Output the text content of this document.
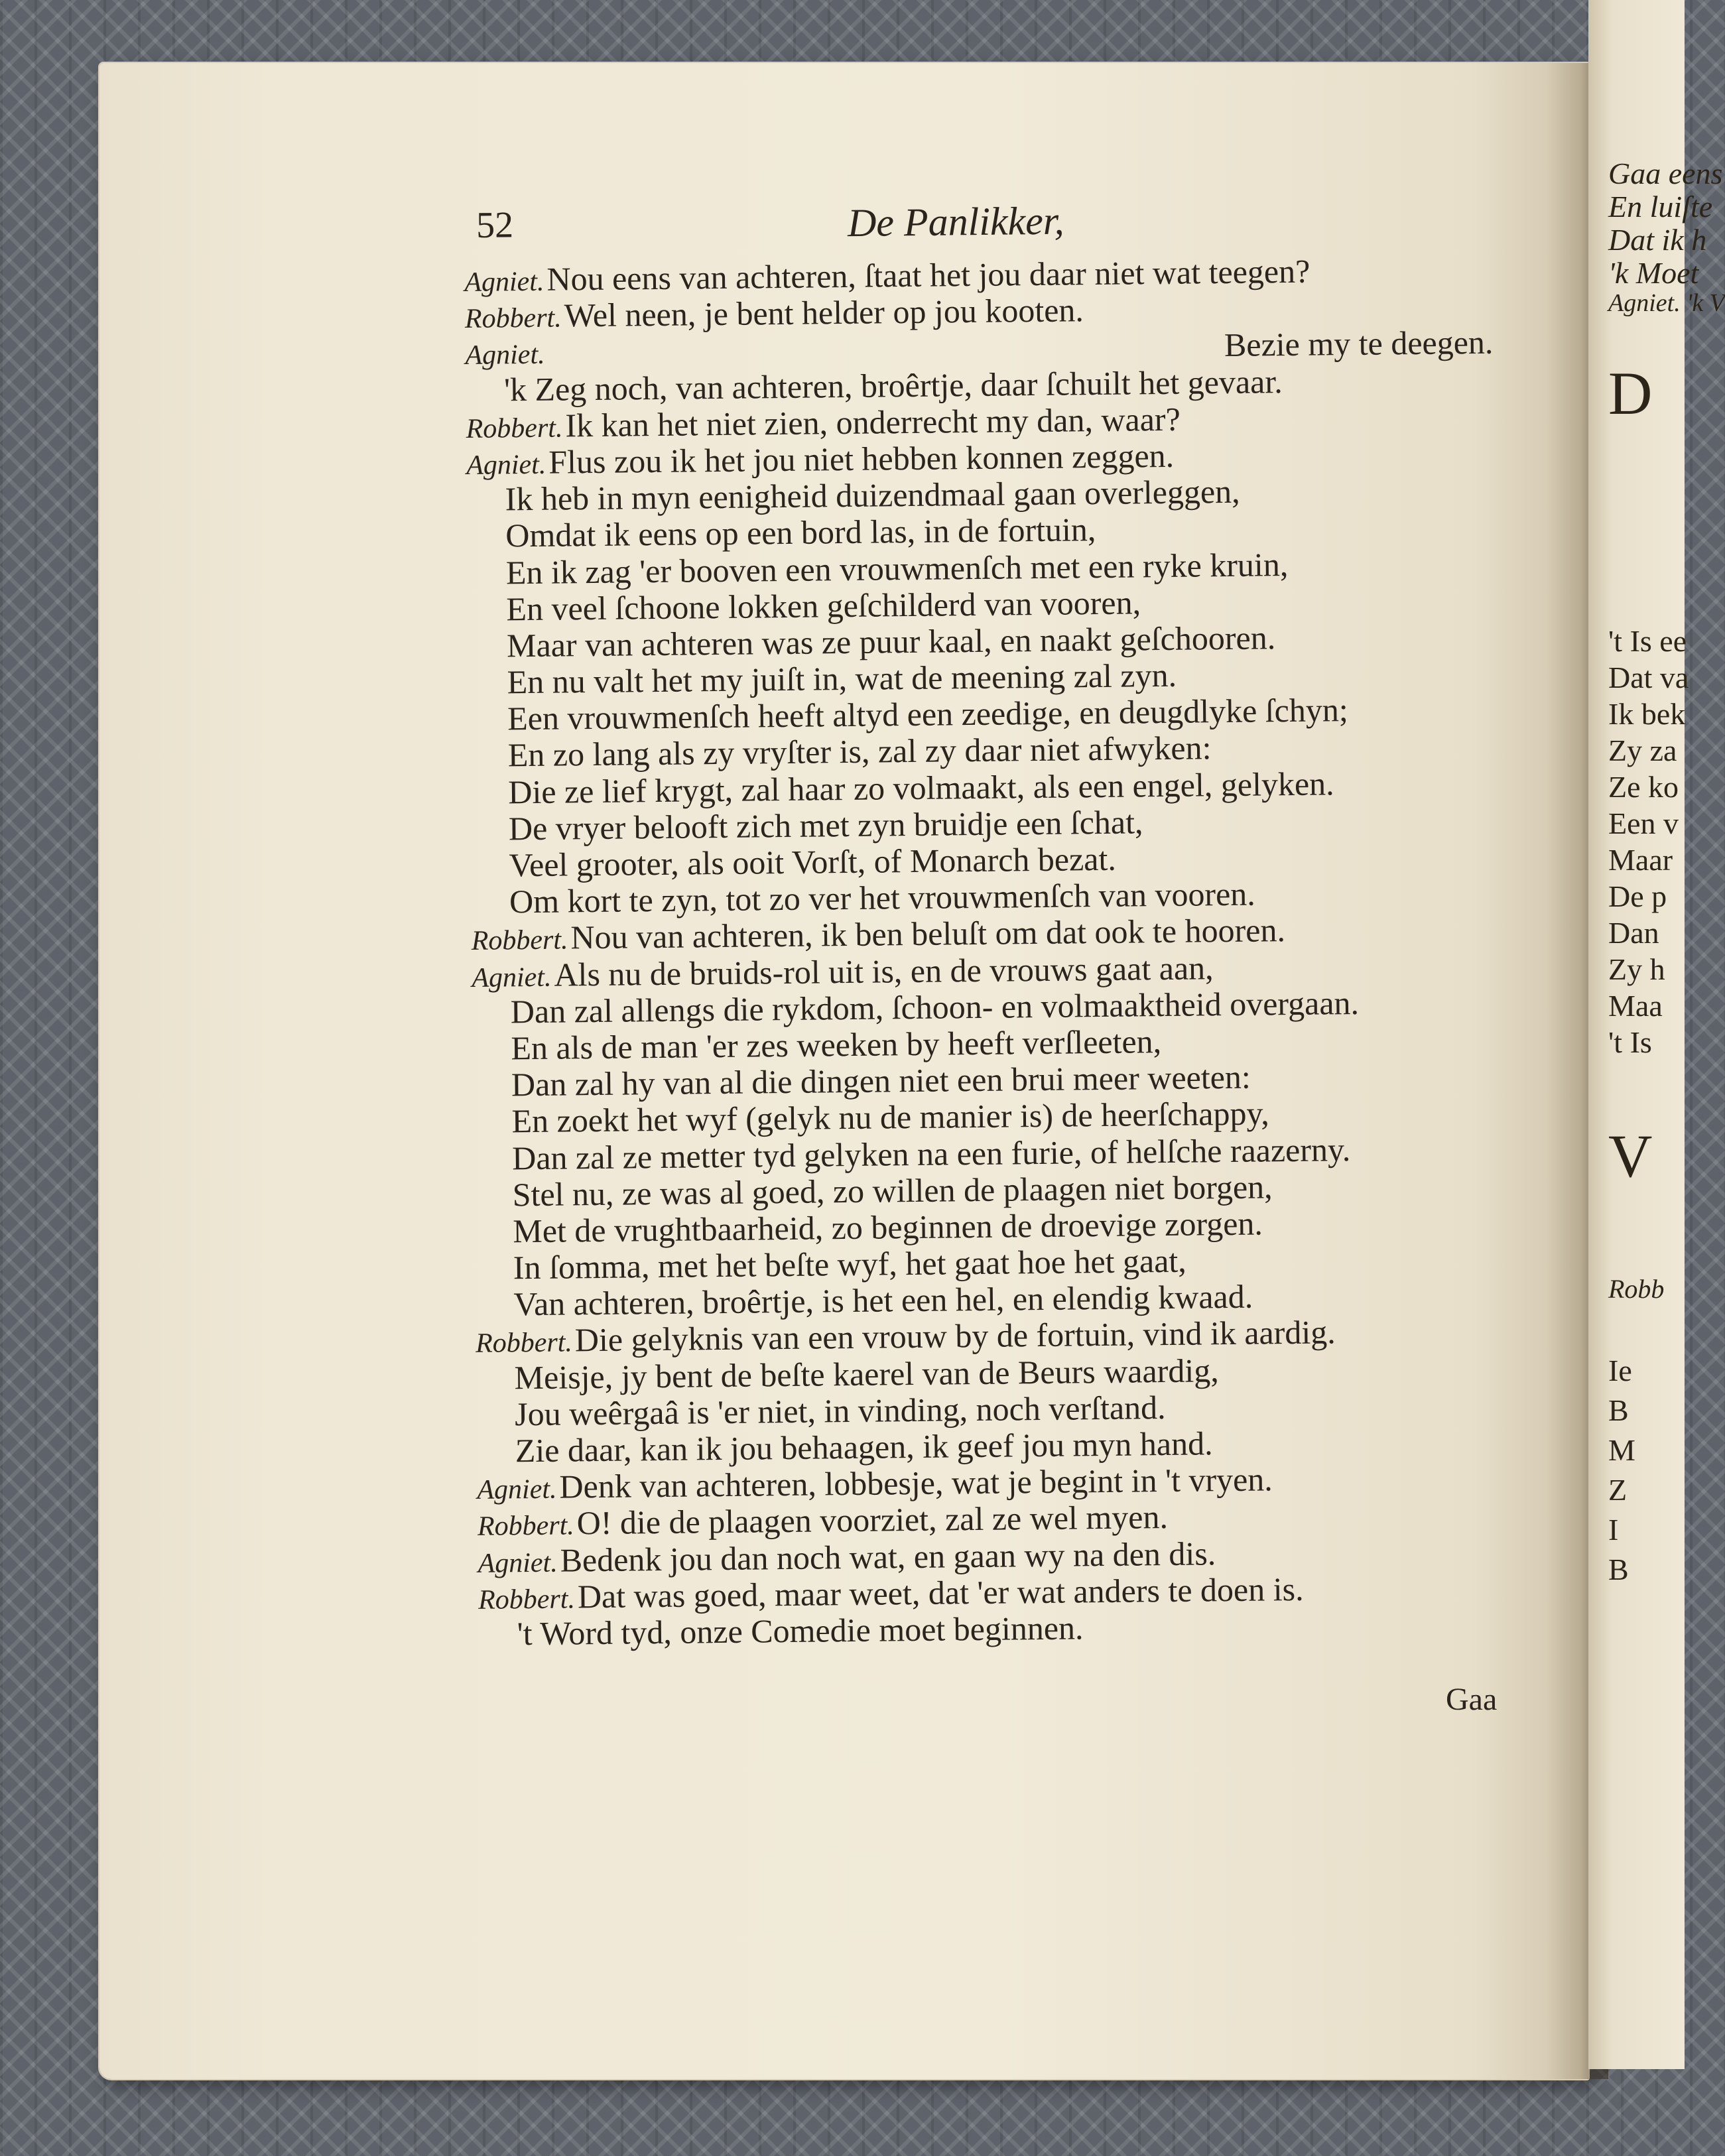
Gaa eens
En luiſte
Dat ik h
'k Moet
Agniet. 'k V
D
't Is ee
Dat va
Ik bek
Zy za
Ze ko
Een v
Maar
De p
Dan
Zy h
Maa
't Is
V
Robb
Ie
B
M
Z
I
B
52	De Panlikker,
Agniet.Nou eens van achteren, ſtaat het jou daar niet wat teegen?
Robbert.Wel neen, je bent helder op jou kooten.
Agniet.	Bezie my te deegen.
'k Zeg noch, van achteren, broêrtje, daar ſchuilt het gevaar.
Robbert.Ik kan het niet zien, onderrecht my dan, waar?
Agniet.Flus zou ik het jou niet hebben konnen zeggen.
Ik heb in myn eenigheid duizendmaal gaan overleggen,
Omdat ik eens op een bord las, in de fortuin,
En ik zag 'er booven een vrouwmenſch met een ryke kruin,
En veel ſchoone lokken geſchilderd van vooren,
Maar van achteren was ze puur kaal, en naakt geſchooren.
En nu valt het my juiſt in, wat de meening zal zyn.
Een vrouwmenſch heeft altyd een zeedige, en deugdlyke ſchyn;
En zo lang als zy vryſter is, zal zy daar niet afwyken:
Die ze lief krygt, zal haar zo volmaakt, als een engel, gelyken.
De vryer belooft zich met zyn bruidje een ſchat,
Veel grooter, als ooit Vorſt, of Monarch bezat.
Om kort te zyn, tot zo ver het vrouwmenſch van vooren.
Robbert.Nou van achteren, ik ben beluſt om dat ook te hooren.
Agniet.Als nu de bruids-rol uit is, en de vrouws gaat aan,
Dan zal allengs die rykdom, ſchoon- en volmaaktheid overgaan.
En als de man 'er zes weeken by heeft verſleeten,
Dan zal hy van al die dingen niet een brui meer weeten:
En zoekt het wyf (gelyk nu de manier is) de heerſchappy,
Dan zal ze metter tyd gelyken na een furie, of helſche raazerny.
Stel nu, ze was al goed, zo willen de plaagen niet borgen,
Met de vrughtbaarheid, zo beginnen de droevige zorgen.
In ſomma, met het beſte wyf, het gaat hoe het gaat,
Van achteren, broêrtje, is het een hel, en elendig kwaad.
Robbert.Die gelyknis van een vrouw by de fortuin, vind ik aardig.
Meisje, jy bent de beſte kaerel van de Beurs waardig,
Jou weêrgaâ is 'er niet, in vinding, noch verſtand.
Zie daar, kan ik jou behaagen, ik geef jou myn hand.
Agniet.Denk van achteren, lobbesje, wat je begint in 't vryen.
Robbert.O! die de plaagen voorziet, zal ze wel myen.
Agniet.Bedenk jou dan noch wat, en gaan wy na den dis.
Robbert.Dat was goed, maar weet, dat 'er wat anders te doen is.
't Word tyd, onze Comedie moet beginnen.
Gaa
